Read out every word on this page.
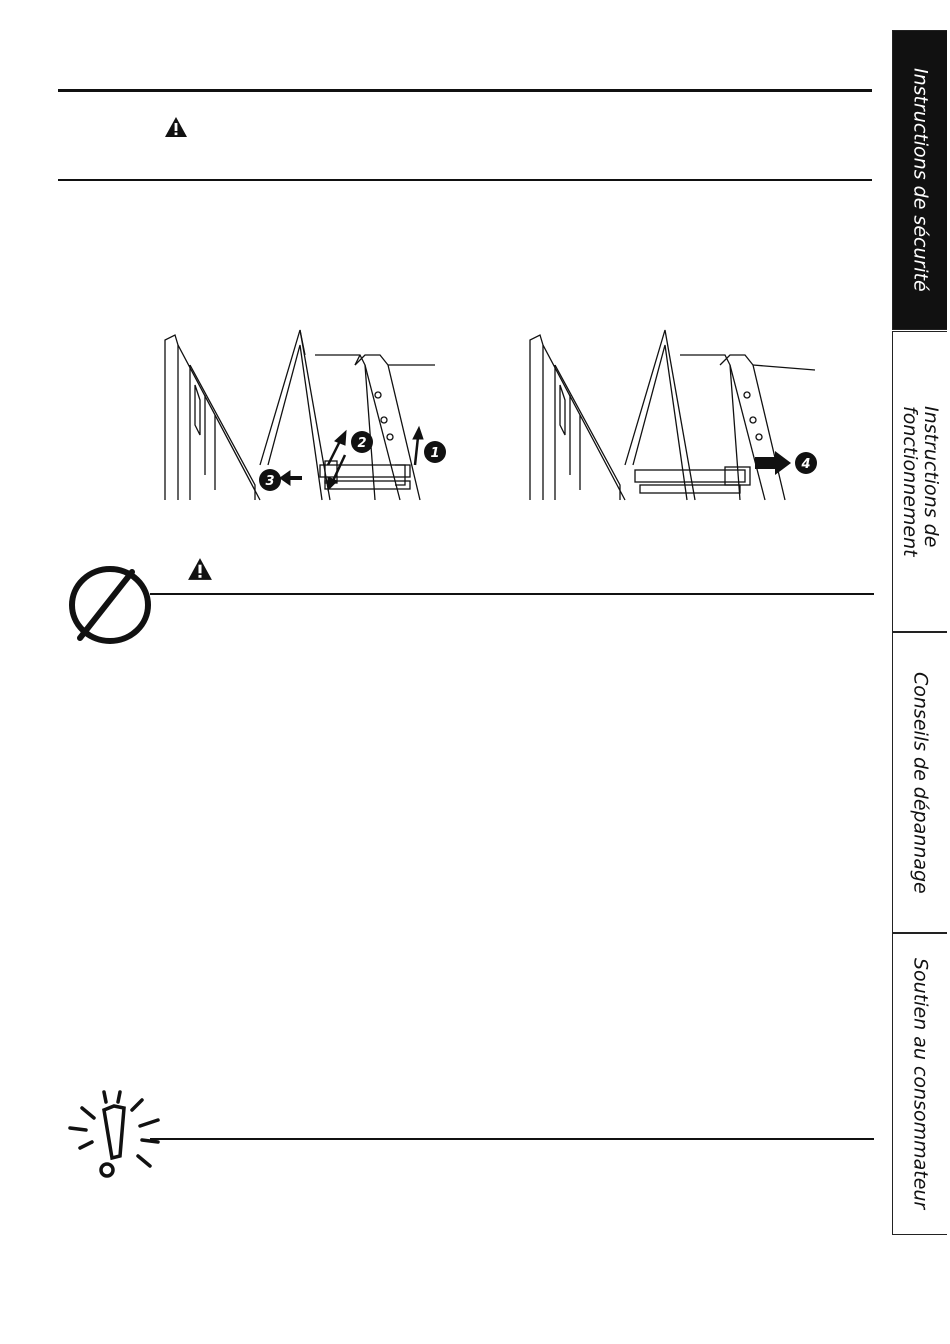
1
2
3
4
Instructions de sécurité
Instructions de
fonctionnement
Conseils de dépannage
Soutien au consommateur
